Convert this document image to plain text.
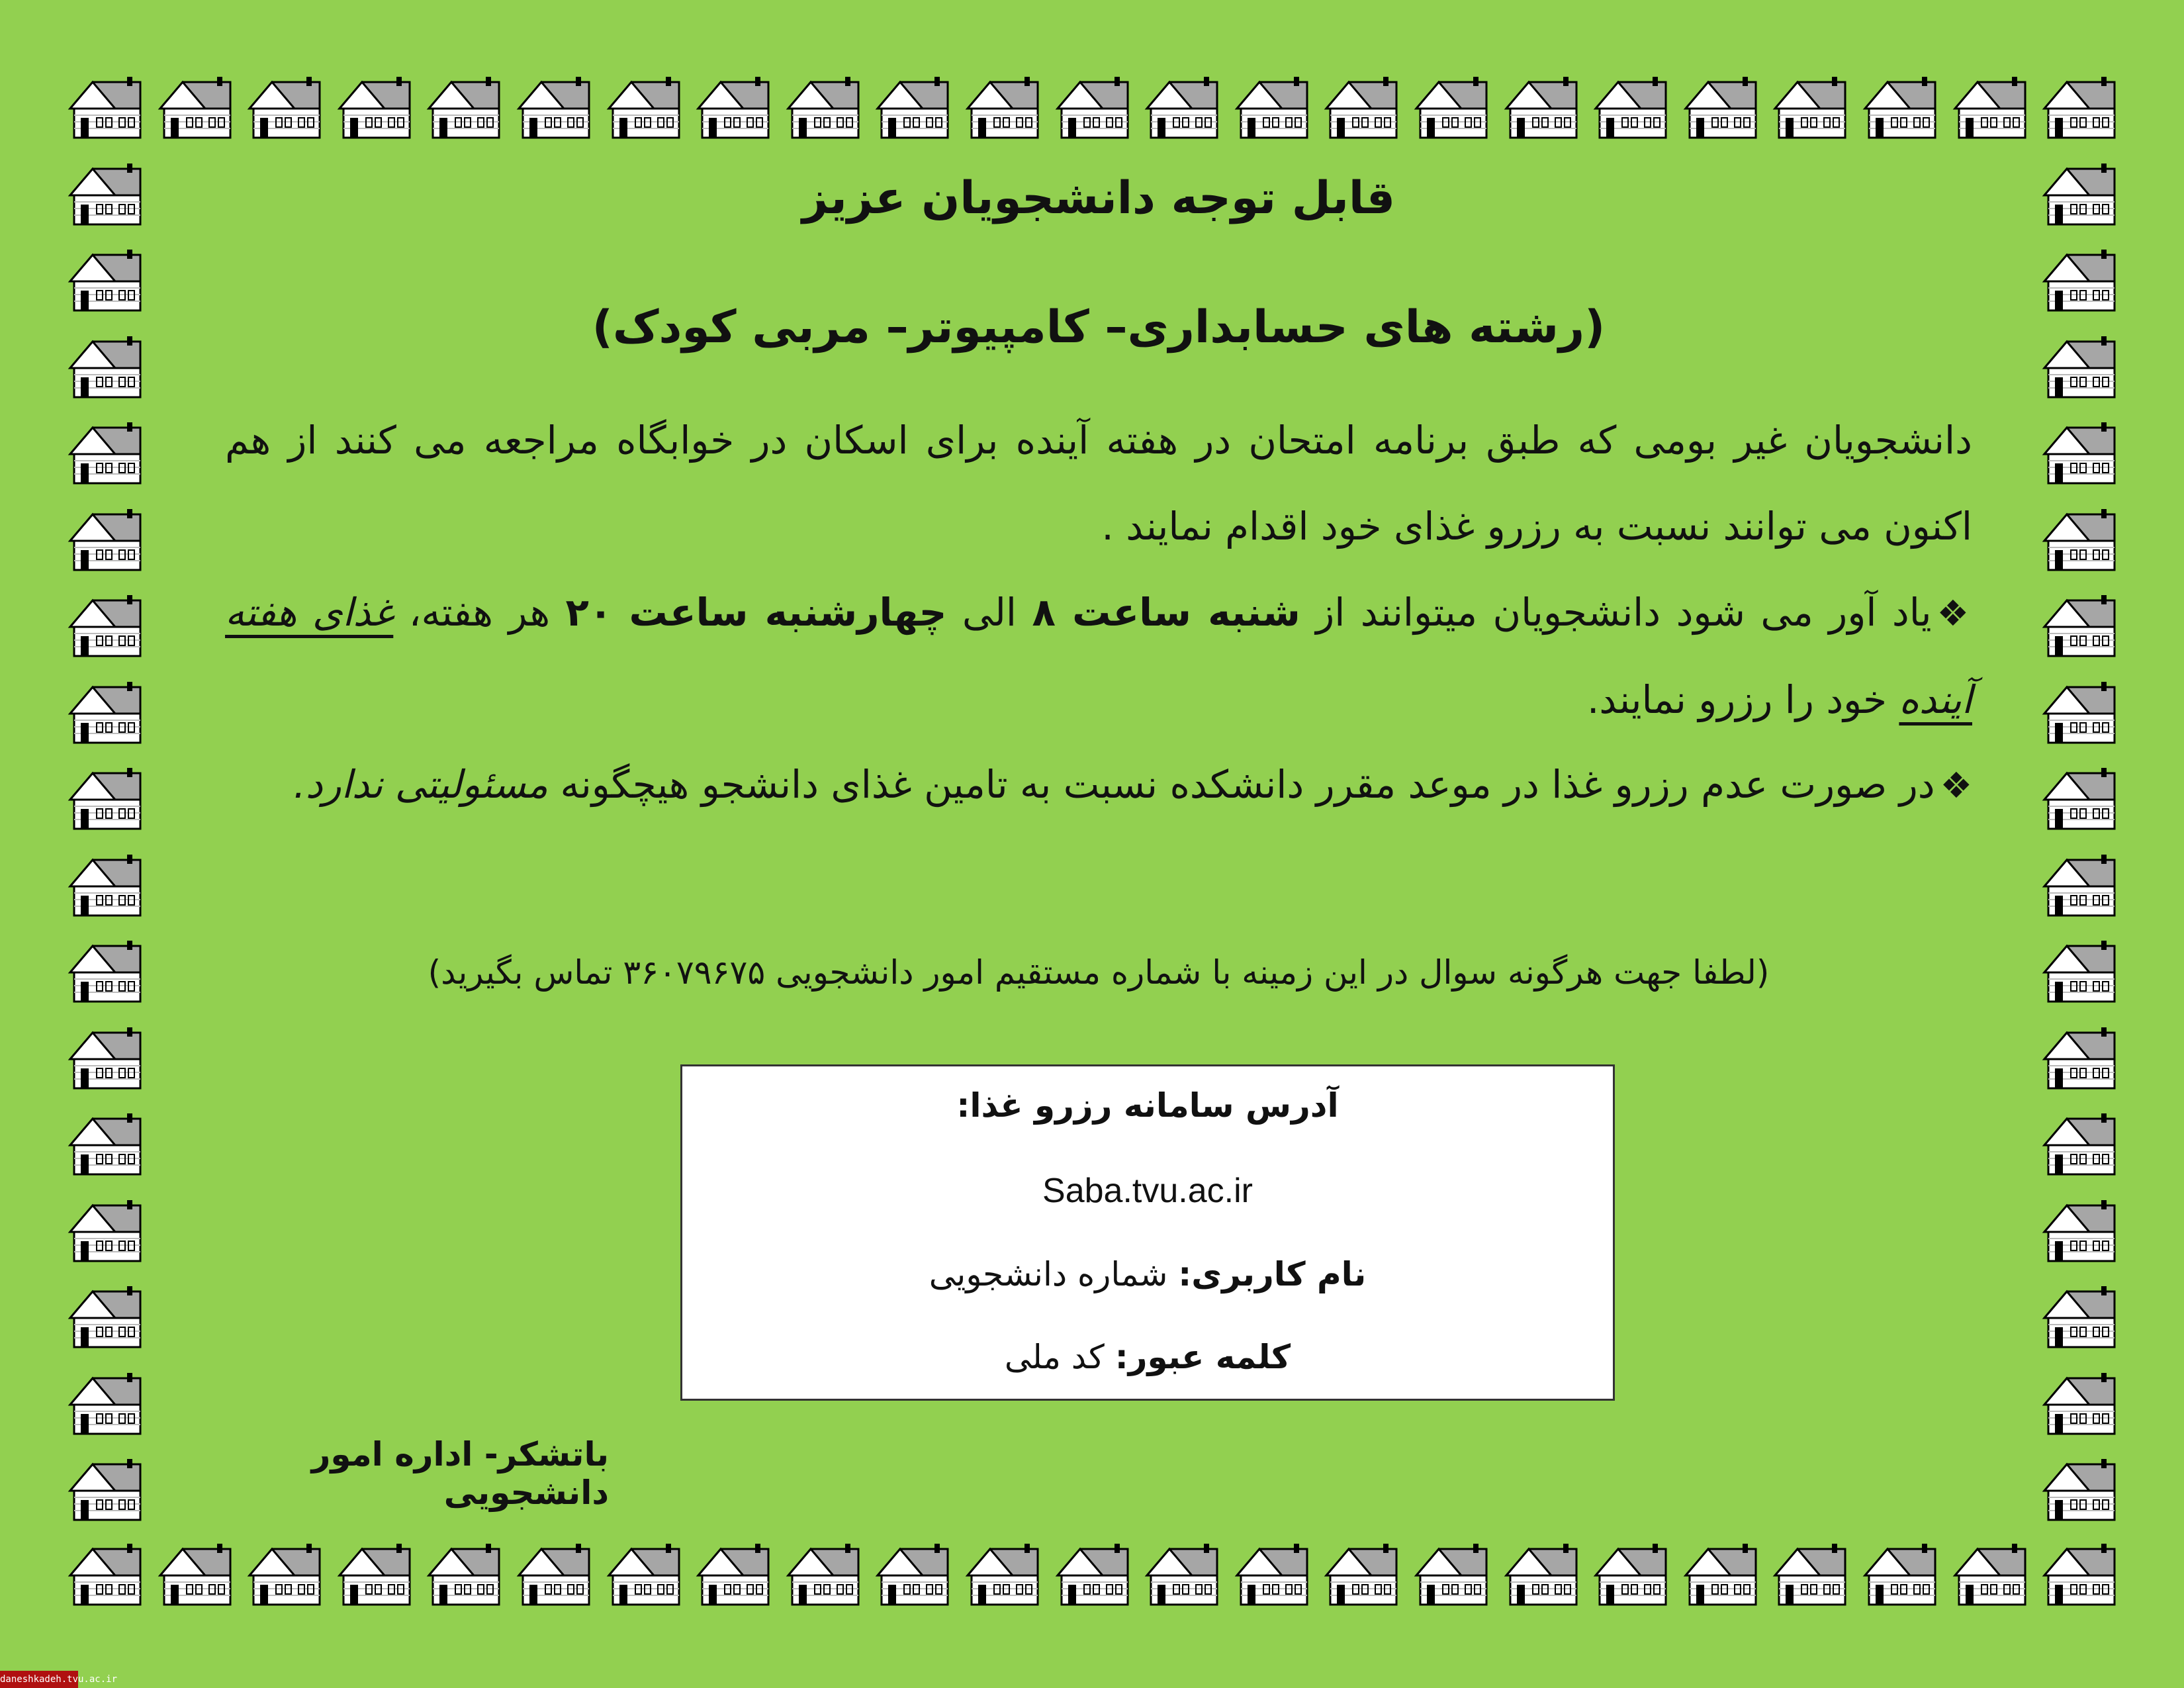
قابل توجه دانشجویان عزیز
(رشته های حسابداری– کامپیوتر– مربی کودک)
دانشجویان غیر بومی که طبق برنامه امتحان در هفته آینده برای اسکان در خوابگاه مراجعه می کنند از هم اکنون می توانند نسبت به رزرو غذای خود اقدام نمایند .
❖یاد آور می شود دانشجویان میتوانند از شنبه ساعت ۸ الی چهارشنبه ساعت ۲۰ هر هفته، غذای هفته آینده خود را رزرو نمایند.
❖در صورت عدم رزرو غذا در موعد مقرر دانشکده نسبت به تامین غذای دانشجو هیچگونه مسئولیتی ندارد.
(لطفا جهت هرگونه سوال در این زمینه با شماره مستقیم امور دانشجویی ۳۶۰۷۹۶۷۵ تماس بگیرید)
آدرس سامانه رزرو غذا:
Saba.tvu.ac.ir
نام کاربری: شماره دانشجویی
کلمه عبور: کد ملی
باتشکر- اداره امور دانشجویی
daneshkadeh.tvu.ac.ir
